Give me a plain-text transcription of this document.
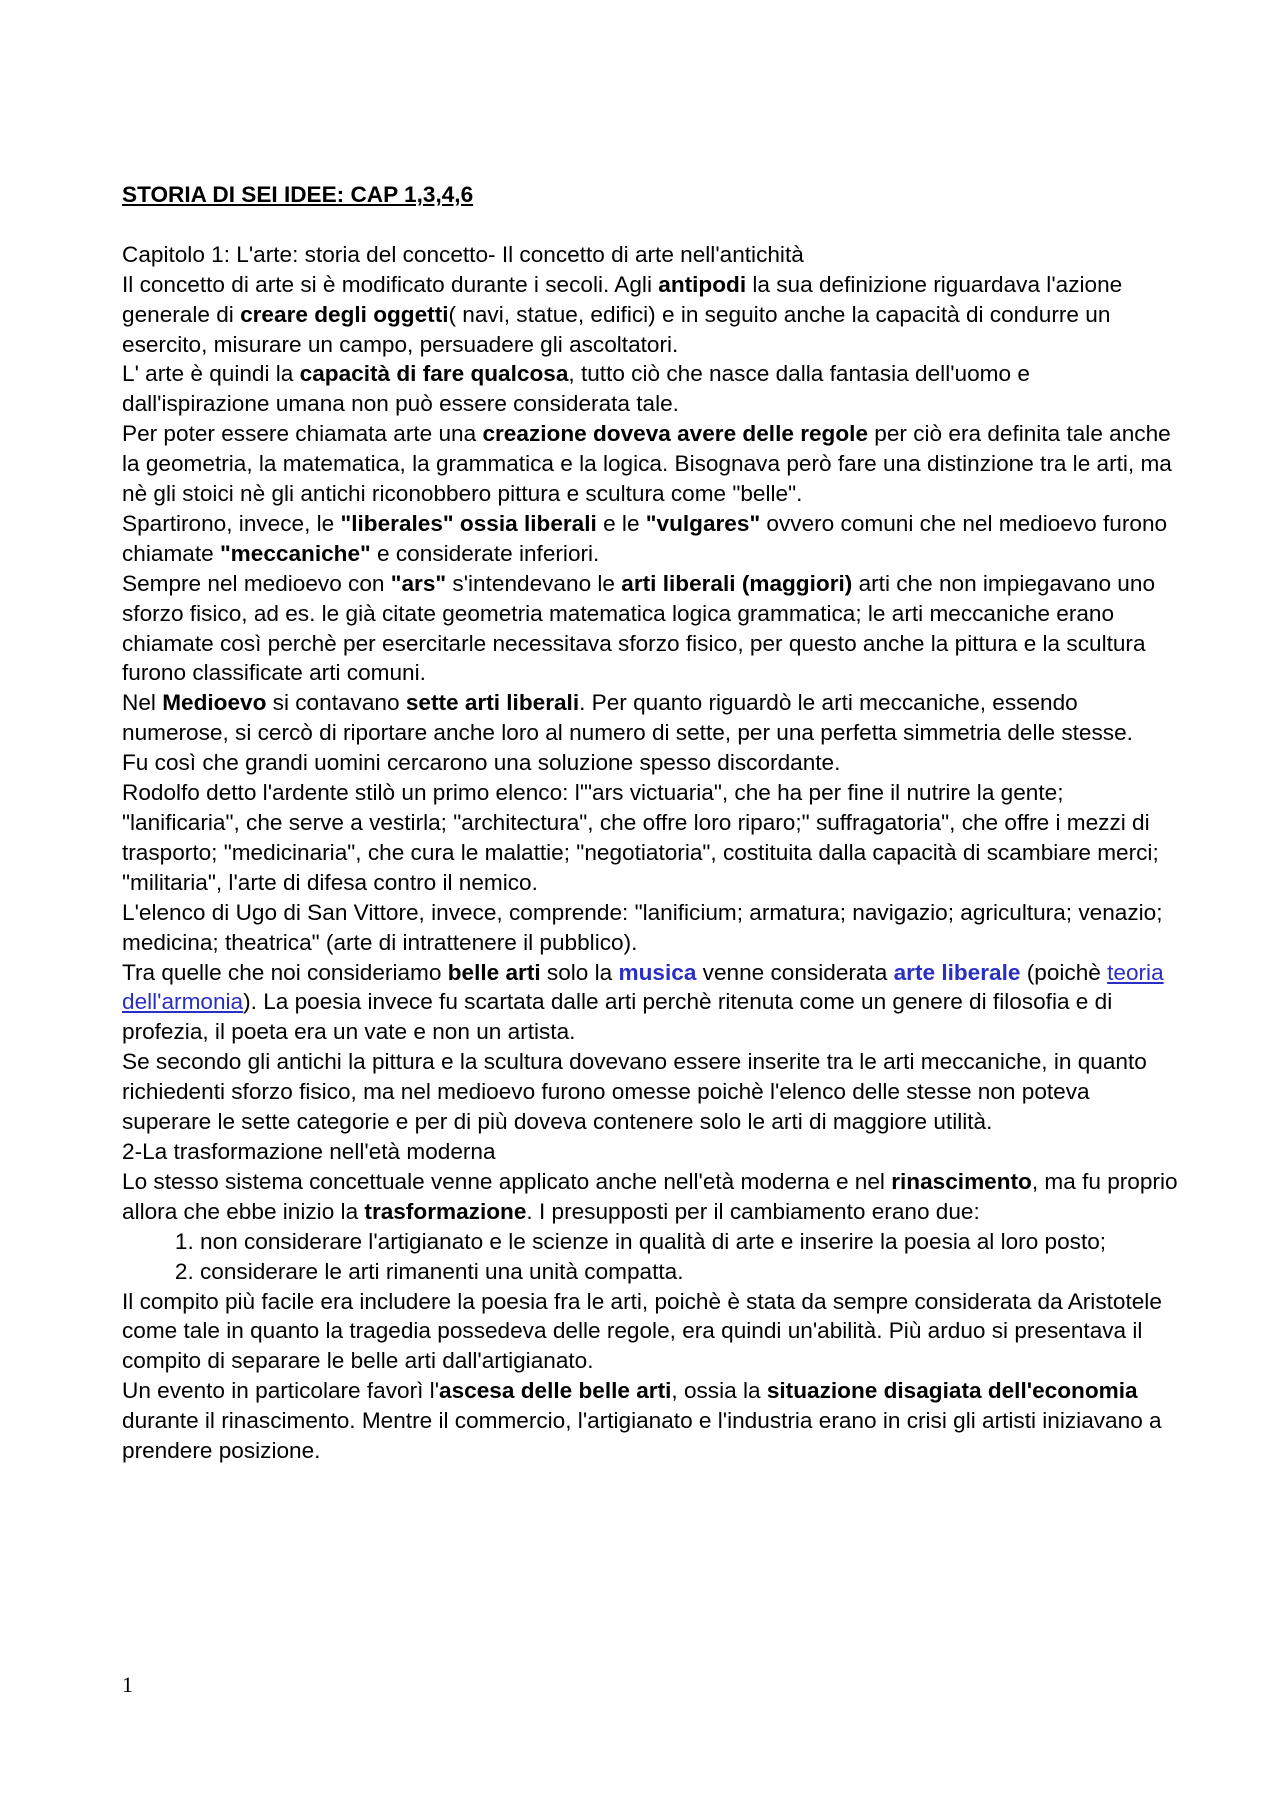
STORIA DI SEI IDEE: CAP 1,3,4,6

Capitolo 1: L'arte: storia del concetto- Il concetto di arte nell'antichità

Il concetto di arte si è modificato durante i secoli. Agli antipodi la sua definizione riguardava l'azione generale di creare degli oggetti( navi, statue, edifici) e in seguito anche la capacità di condurre un esercito, misurare un campo, persuadere gli ascoltatori.

L' arte è quindi la capacità di fare qualcosa, tutto ciò che nasce dalla fantasia dell'uomo e dall'ispirazione umana non può essere considerata tale.

Per poter essere chiamata arte una creazione doveva avere delle regole per ciò era definita tale anche la geometria, la matematica, la grammatica e la logica. Bisognava però fare una distinzione tra le arti, ma nè gli stoici nè gli antichi riconobbero pittura e scultura come "belle".

Spartirono, invece, le "liberales" ossia liberali e le "vulgares" ovvero comuni che nel medioevo furono chiamate "meccaniche" e considerate inferiori.

Sempre nel medioevo con "ars" s'intendevano le arti liberali (maggiori) arti che non impiegavano uno sforzo fisico, ad es. le già citate geometria matematica logica grammatica; le arti meccaniche erano chiamate così perchè per esercitarle necessitava sforzo fisico, per questo anche la pittura e la scultura furono classificate arti comuni.

Nel Medioevo si contavano sette arti liberali. Per quanto riguardò le arti meccaniche, essendo numerose, si cercò di riportare anche loro al numero di sette, per una perfetta simmetria delle stesse.

Fu così che grandi uomini cercarono una soluzione spesso discordante.

Rodolfo detto l'ardente stilò un primo elenco: l'"ars victuaria", che ha per fine il nutrire la gente; "lanificaria", che serve a vestirla; "architectura", che offre loro riparo;" suffragatoria", che offre i mezzi di trasporto; "medicinaria", che cura le malattie; "negotiatoria", costituita dalla capacità di scambiare merci; "militaria", l'arte di difesa contro il nemico.

L'elenco di Ugo di San Vittore, invece, comprende: "lanificium; armatura; navigazio; agricultura; venazio; medicina; theatrica" (arte di intrattenere il pubblico).

Tra quelle che noi consideriamo belle arti solo la musica venne considerata arte liberale (poichè teoria dell'armonia). La poesia invece fu scartata dalle arti perchè ritenuta come un genere di filosofia e di profezia, il poeta era un vate e non un artista.

Se secondo gli antichi la pittura e la scultura dovevano essere inserite tra le arti meccaniche, in quanto richiedenti sforzo fisico, ma nel medioevo furono omesse poichè l'elenco delle stesse non poteva superare le sette categorie e per di più doveva contenere solo le arti di maggiore utilità.

2-La trasformazione nell'età moderna

Lo stesso sistema concettuale venne applicato anche nell'età moderna e nel rinascimento, ma fu proprio allora che ebbe inizio la trasformazione. I presupposti per il cambiamento erano due:

1. non considerare l'artigianato e le scienze in qualità di arte e inserire la poesia al loro posto;
2. considerare le arti rimanenti una unità compatta.

Il compito più facile era includere la poesia fra le arti, poichè è stata da sempre considerata da Aristotele come tale in quanto la tragedia possedeva delle regole, era quindi un'abilità. Più arduo si presentava il compito di separare le belle arti dall'artigianato.

Un evento in particolare favorì l'ascesa delle belle arti, ossia la situazione disagiata dell'economia durante il rinascimento. Mentre il commercio, l'artigianato e l'industria erano in crisi gli artisti iniziavano a prendere posizione.

1
